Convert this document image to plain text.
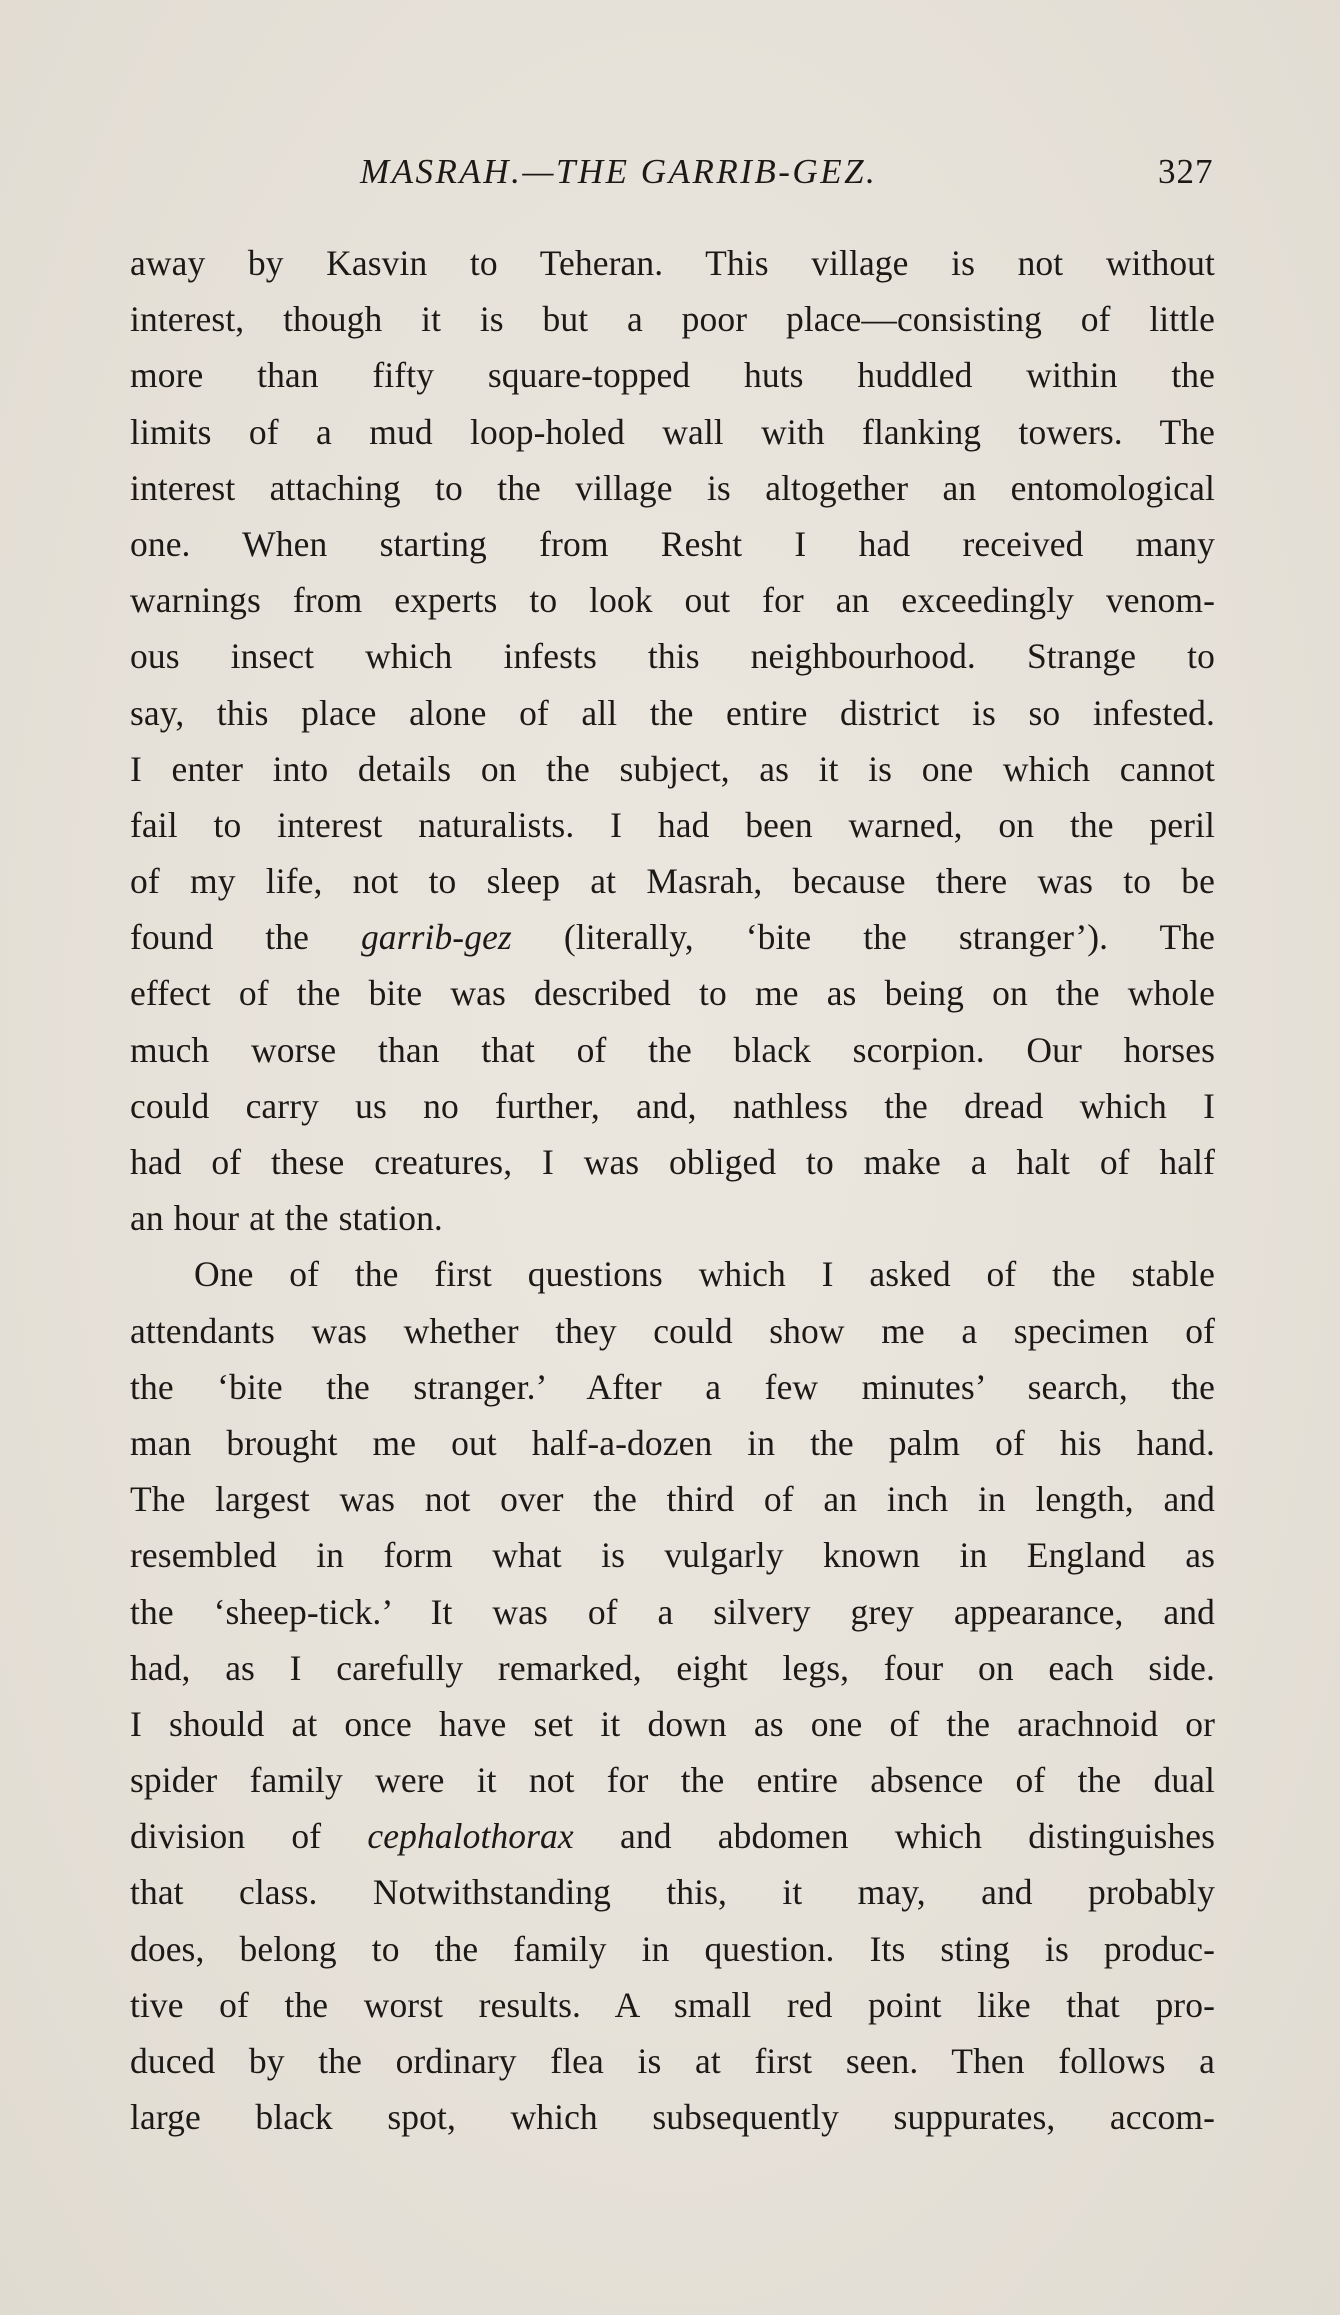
MASRAH.—THE GARRIB-GEZ.	327
away by Kasvin to Teheran. This village is not without
interest, though it is but a poor place—consisting of little
more than fifty square-topped huts huddled within the
limits of a mud loop-holed wall with flanking towers. The
interest attaching to the village is altogether an entomological
one. When starting from Resht I had received many
warnings from experts to look out for an exceedingly venom-
ous insect which infests this neighbourhood. Strange to
say, this place alone of all the entire district is so infested.
I enter into details on the subject, as it is one which cannot
fail to interest naturalists. I had been warned, on the peril
of my life, not to sleep at Masrah, because there was to be
found the garrib-gez (literally, ‘bite the stranger’). The
effect of the bite was described to me as being on the whole
much worse than that of the black scorpion. Our horses
could carry us no further, and, nathless the dread which I
had of these creatures, I was obliged to make a halt of half
an hour at the station.
One of the first questions which I asked of the stable
attendants was whether they could show me a specimen of
the ‘bite the stranger.’ After a few minutes’ search, the
man brought me out half-a-dozen in the palm of his hand.
The largest was not over the third of an inch in length, and
resembled in form what is vulgarly known in England as
the ‘sheep-tick.’ It was of a silvery grey appearance, and
had, as I carefully remarked, eight legs, four on each side.
I should at once have set it down as one of the arachnoid or
spider family were it not for the entire absence of the dual
division of cephalothorax and abdomen which distinguishes
that class. Notwithstanding this, it may, and probably
does, belong to the family in question. Its sting is produc-
tive of the worst results. A small red point like that pro-
duced by the ordinary flea is at first seen. Then follows a
large black spot, which subsequently suppurates, accom-
